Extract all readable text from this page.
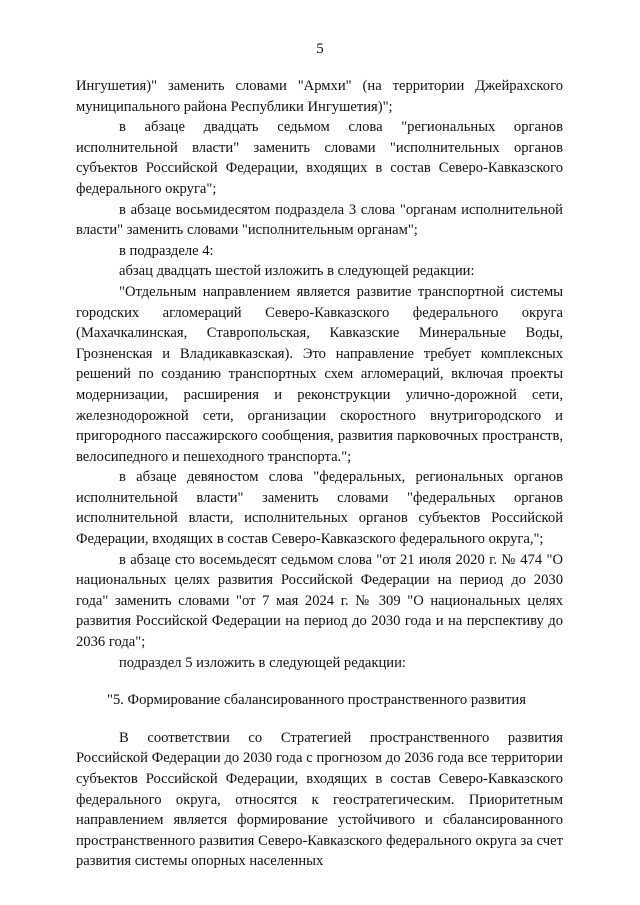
5
Ингушетия)" заменить словами "Армхи" (на территории Джейрахского муниципального района Республики Ингушетия)";
в абзаце двадцать седьмом слова "региональных органов исполнительной власти" заменить словами "исполнительных органов субъектов Российской Федерации, входящих в состав Северо-Кавказского федерального округа";
в абзаце восьмидесятом подраздела 3 слова "органам исполнительной власти" заменить словами "исполнительным органам";
в подразделе 4:
абзац двадцать шестой изложить в следующей редакции:
"Отдельным направлением является развитие транспортной системы городских агломераций Северо-Кавказского федерального округа (Махачкалинская, Ставропольская, Кавказские Минеральные Воды, Грозненская и Владикавказская). Это направление требует комплексных решений по созданию транспортных схем агломераций, включая проекты модернизации, расширения и реконструкции улично-дорожной сети, железнодорожной сети, организации скоростного внутригородского и пригородного пассажирского сообщения, развития парковочных пространств, велосипедного и пешеходного транспорта.";
в абзаце девяностом слова "федеральных, региональных органов исполнительной власти" заменить словами "федеральных органов исполнительной власти, исполнительных органов субъектов Российской Федерации, входящих в состав Северо-Кавказского федерального округа,";
в абзаце сто восемьдесят седьмом слова "от 21 июля 2020 г. № 474 "О национальных целях развития Российской Федерации на период до 2030 года" заменить словами "от 7 мая 2024 г. № 309 "О национальных целях развития Российской Федерации на период до 2030 года и на перспективу до 2036 года";
подраздел 5 изложить в следующей редакции:
"5. Формирование сбалансированного пространственного развития
В соответствии со Стратегией пространственного развития Российской Федерации до 2030 года с прогнозом до 2036 года все территории субъектов Российской Федерации, входящих в состав Северо-Кавказского федерального округа, относятся к геостратегическим. Приоритетным направлением является формирование устойчивого и сбалансированного пространственного развития Северо-Кавказского федерального округа за счет развития системы опорных населенных
